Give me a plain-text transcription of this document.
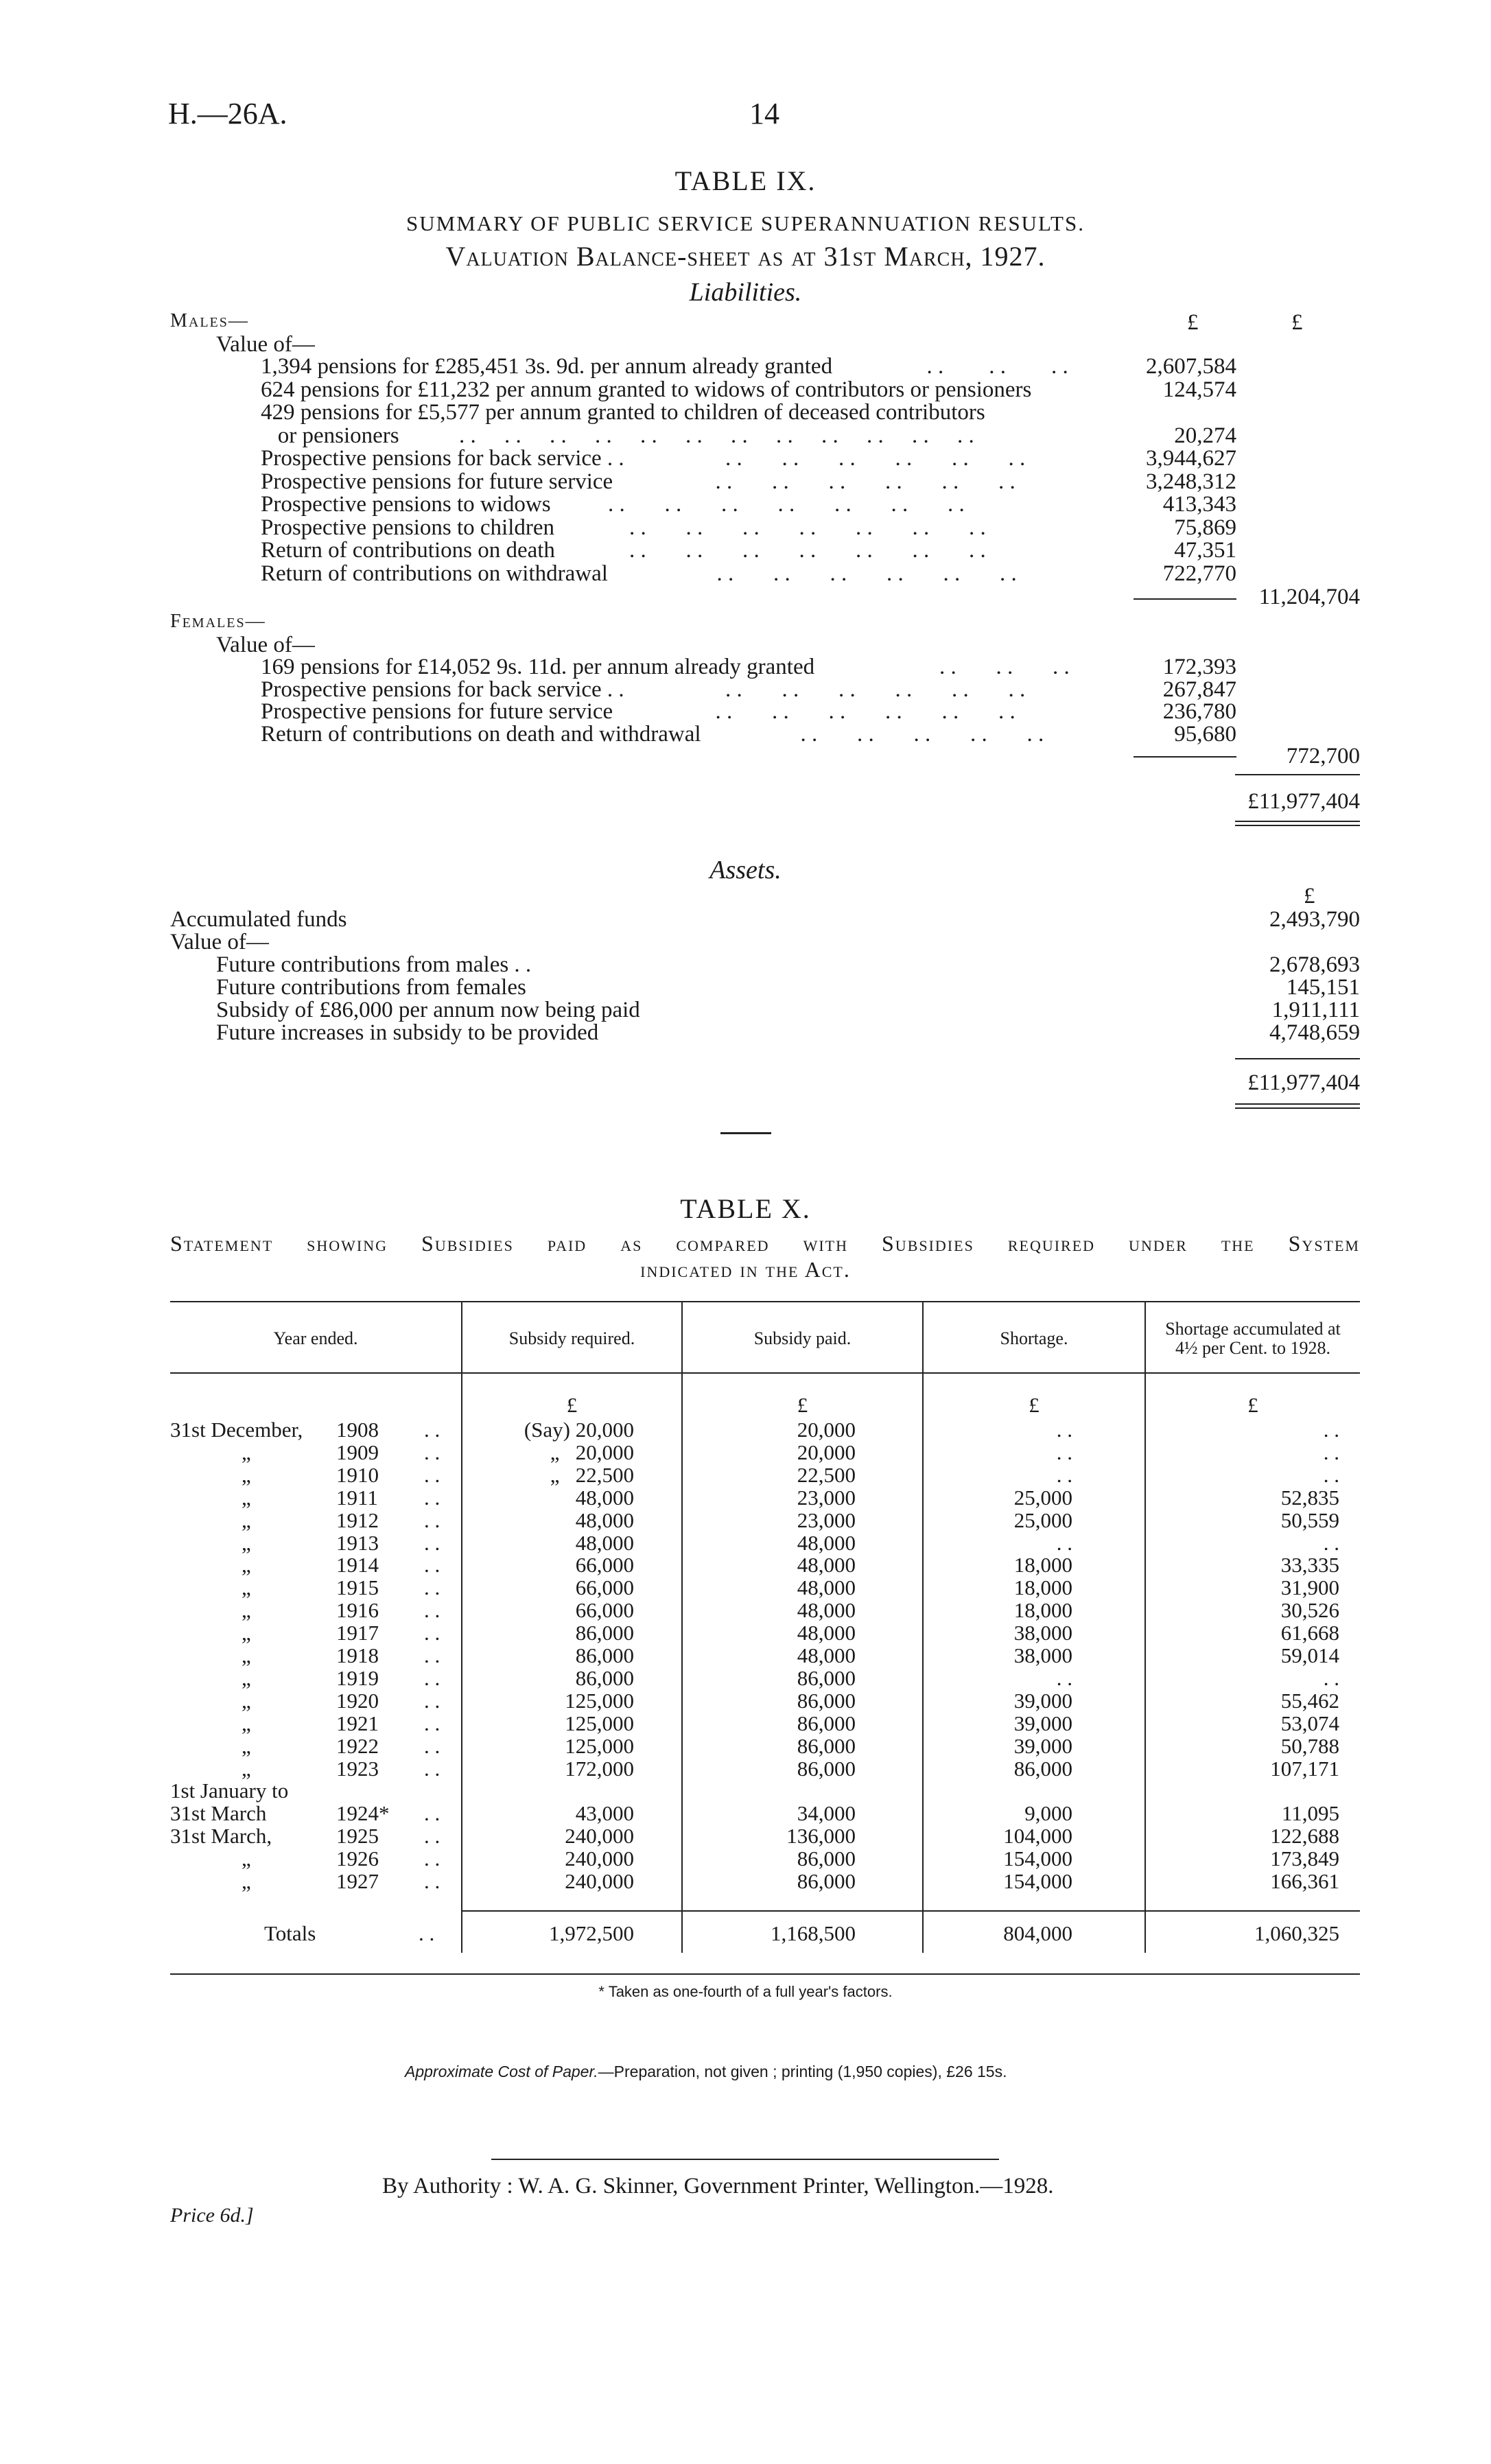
H.—26A.	14
TABLE IX.
SUMMARY OF PUBLIC SERVICE SUPERANNUATION RESULTS.
Valuation Balance-sheet as at 31st March, 1927.
Liabilities.
£	£
Males—
Value of—
1,394 pensions for £285,451 3s. 9d. per annum already granted	. .        . .        . .	2,607,584
624 pensions for £11,232 per annum granted to widows of contributors or pensioners	124,574
429 pensions for £5,577 per annum granted to children of deceased contributors
or pensioners . .     . .     . .     . .     . .     . .     . .     . .     . .     . .     . .     . .	20,274
Prospective pensions for back service . .	. .       . .       . .       . .       . .       . .	3,944,627
Prospective pensions for future service	. .       . .       . .       . .       . .       . .	3,248,312
Prospective pensions to widows . .       . .       . .       . .       . .       . .       . .	413,343
Prospective pensions to children . .       . .       . .       . .       . .       . .       . .	75,869
Return of contributions on death . .       . .       . .       . .       . .       . .       . .	47,351
Return of contributions on withdrawal . .       . .       . .       . .       . .       . .	722,770
11,204,704
Females—
Value of—
169 pensions for £14,052 9s. 11d. per annum already granted	. .       . .       . .	172,393
Prospective pensions for back service . .	. .       . .       . .       . .       . .       . .	267,847
Prospective pensions for future service	. .       . .       . .       . .       . .       . .	236,780
Return of contributions on death and withdrawal	. .       . .       . .       . .       . .	95,680
772,700
£11,977,404
Assets.
£
Accumulated funds	2,493,790
Value of—
Future contributions from males . .	2,678,693
Future contributions from females	145,151
Subsidy of £86,000 per annum now being paid	1,911,111
Future increases in subsidy to be provided	4,748,659
£11,977,404
TABLE X.
Statement showing Subsidies paid as compared with Subsidies required under the System
indicated in the Act.
Year ended.	Subsidy required.	Subsidy paid.	Shortage.	Shortage accumulated at
4½ per Cent. to 1928.
£	£	£	£
31st December, 1908 . .	(Say) 20,000	20,000	. .	. .
„	1909 . .	„   20,000	20,000	. .	. .
„	1910 . .	„   22,500	22,500	. .	. .
„	1911 . .	48,000	23,000	25,000	52,835
„	1912 . .	48,000	23,000	25,000	50,559
„	1913 . .	48,000	48,000	. .	. .
„	1914 . .	66,000	48,000	18,000	33,335
„	1915 . .	66,000	48,000	18,000	31,900
„	1916 . .	66,000	48,000	18,000	30,526
„	1917 . .	86,000	48,000	38,000	61,668
„	1918 . .	86,000	48,000	38,000	59,014
„	1919 . .	86,000	86,000	. .	. .
„	1920 . .	125,000	86,000	39,000	55,462
„	1921 . .	125,000	86,000	39,000	53,074
„	1922 . .	125,000	86,000	39,000	50,788
„	1923 . .	172,000	86,000	86,000	107,171
1st January to
31st March	1924* . .	43,000	34,000	9,000	11,095
31st March,	1925 . .	240,000	136,000	104,000	122,688
„	1926 . .	240,000	86,000	154,000	173,849
„	1927 . .	240,000	86,000	154,000	166,361
Totals	. .	1,972,500	1,168,500	804,000	1,060,325
* Taken as one-fourth of a full year's factors.
Approximate Cost of Paper.—Preparation, not given ; printing (1,950 copies), £26 15s.
By Authority : W. A. G. Skinner, Government Printer, Wellington.—1928.
Price 6d.]
